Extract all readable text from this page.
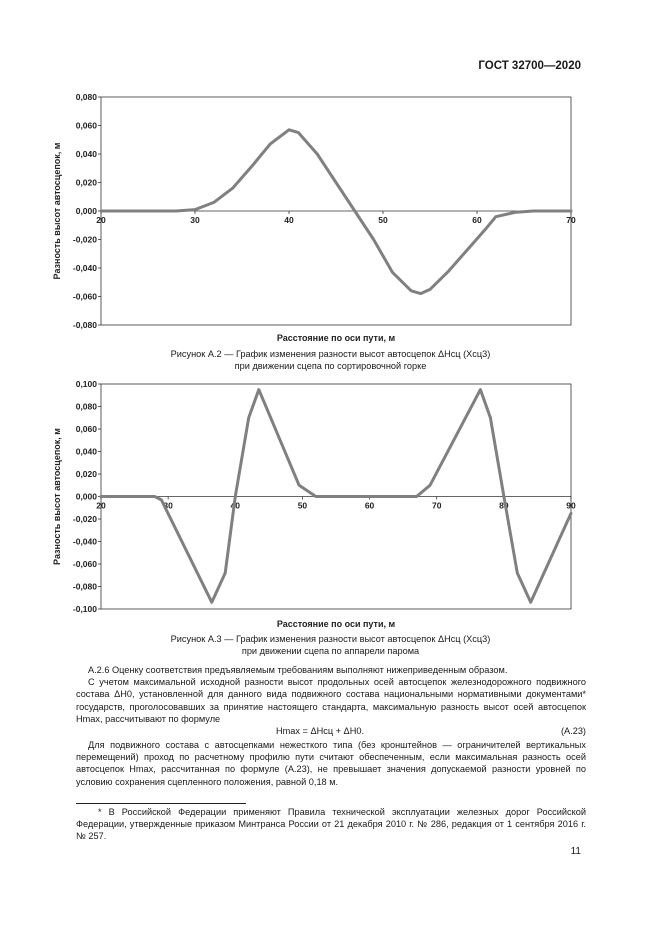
ГОСТ 32700—2020
0,080
0,060
0,040
0,020
0,000
-0,020
-0,040
-0,060
-0,080
20	30	40	50	60	70
Расстояние по оси пути, м
Разность высот автосцепок, м
Рисунок А.2 — График изменения разности высот автосцепок ΔHсц (Xсц3)
при движении сцепа по сортировочной горке
0,100
0,080
0,060
0,040
0,020
0,000
-0,020
-0,040
-0,060
-0,080
-0,100
20	30	40	50	60	70	80	90
Расстояние по оси пути, м
Разность высот автосцепок, м
Рисунок А.3 — График изменения разности высот автосцепок ΔHсц (Xсц3)
при движении сцепа по аппарели парома

А.2.6 Оценку соответствия предъявляемым требованиям выполняют нижеприведенным образом.

С учетом максимальной исходной разности высот продольных осей автосцепок железнодорожного подвижного состава ΔH0, установленной для данного вида подвижного состава национальными нормативными документами* государств, проголосовавших за принятие настоящего стандарта, максимальную разность высот осей автосцепок Hmax, рассчитывают по формуле

Hmax = ΔHсц + ΔH0.	(А.23)

Для подвижного состава с автосцепками нежесткого типа (без кронштейнов — ограничителей вертикальных перемещений) проход по расчетному профилю пути считают обеспеченным, если максимальная разность осей автосцепок Hmax, рассчитанная по формуле (А.23), не превышает значения допускаемой разности уровней по условию сохранения сцепленного положения, равной 0,18 м.

* В Российской Федерации применяют Правила технической эксплуатации железных дорог Российской Федерации, утвержденные приказом Минтранса России от 21 декабря 2010 г. № 286, редакция от 1 сентября 2016 г. № 257.

11
